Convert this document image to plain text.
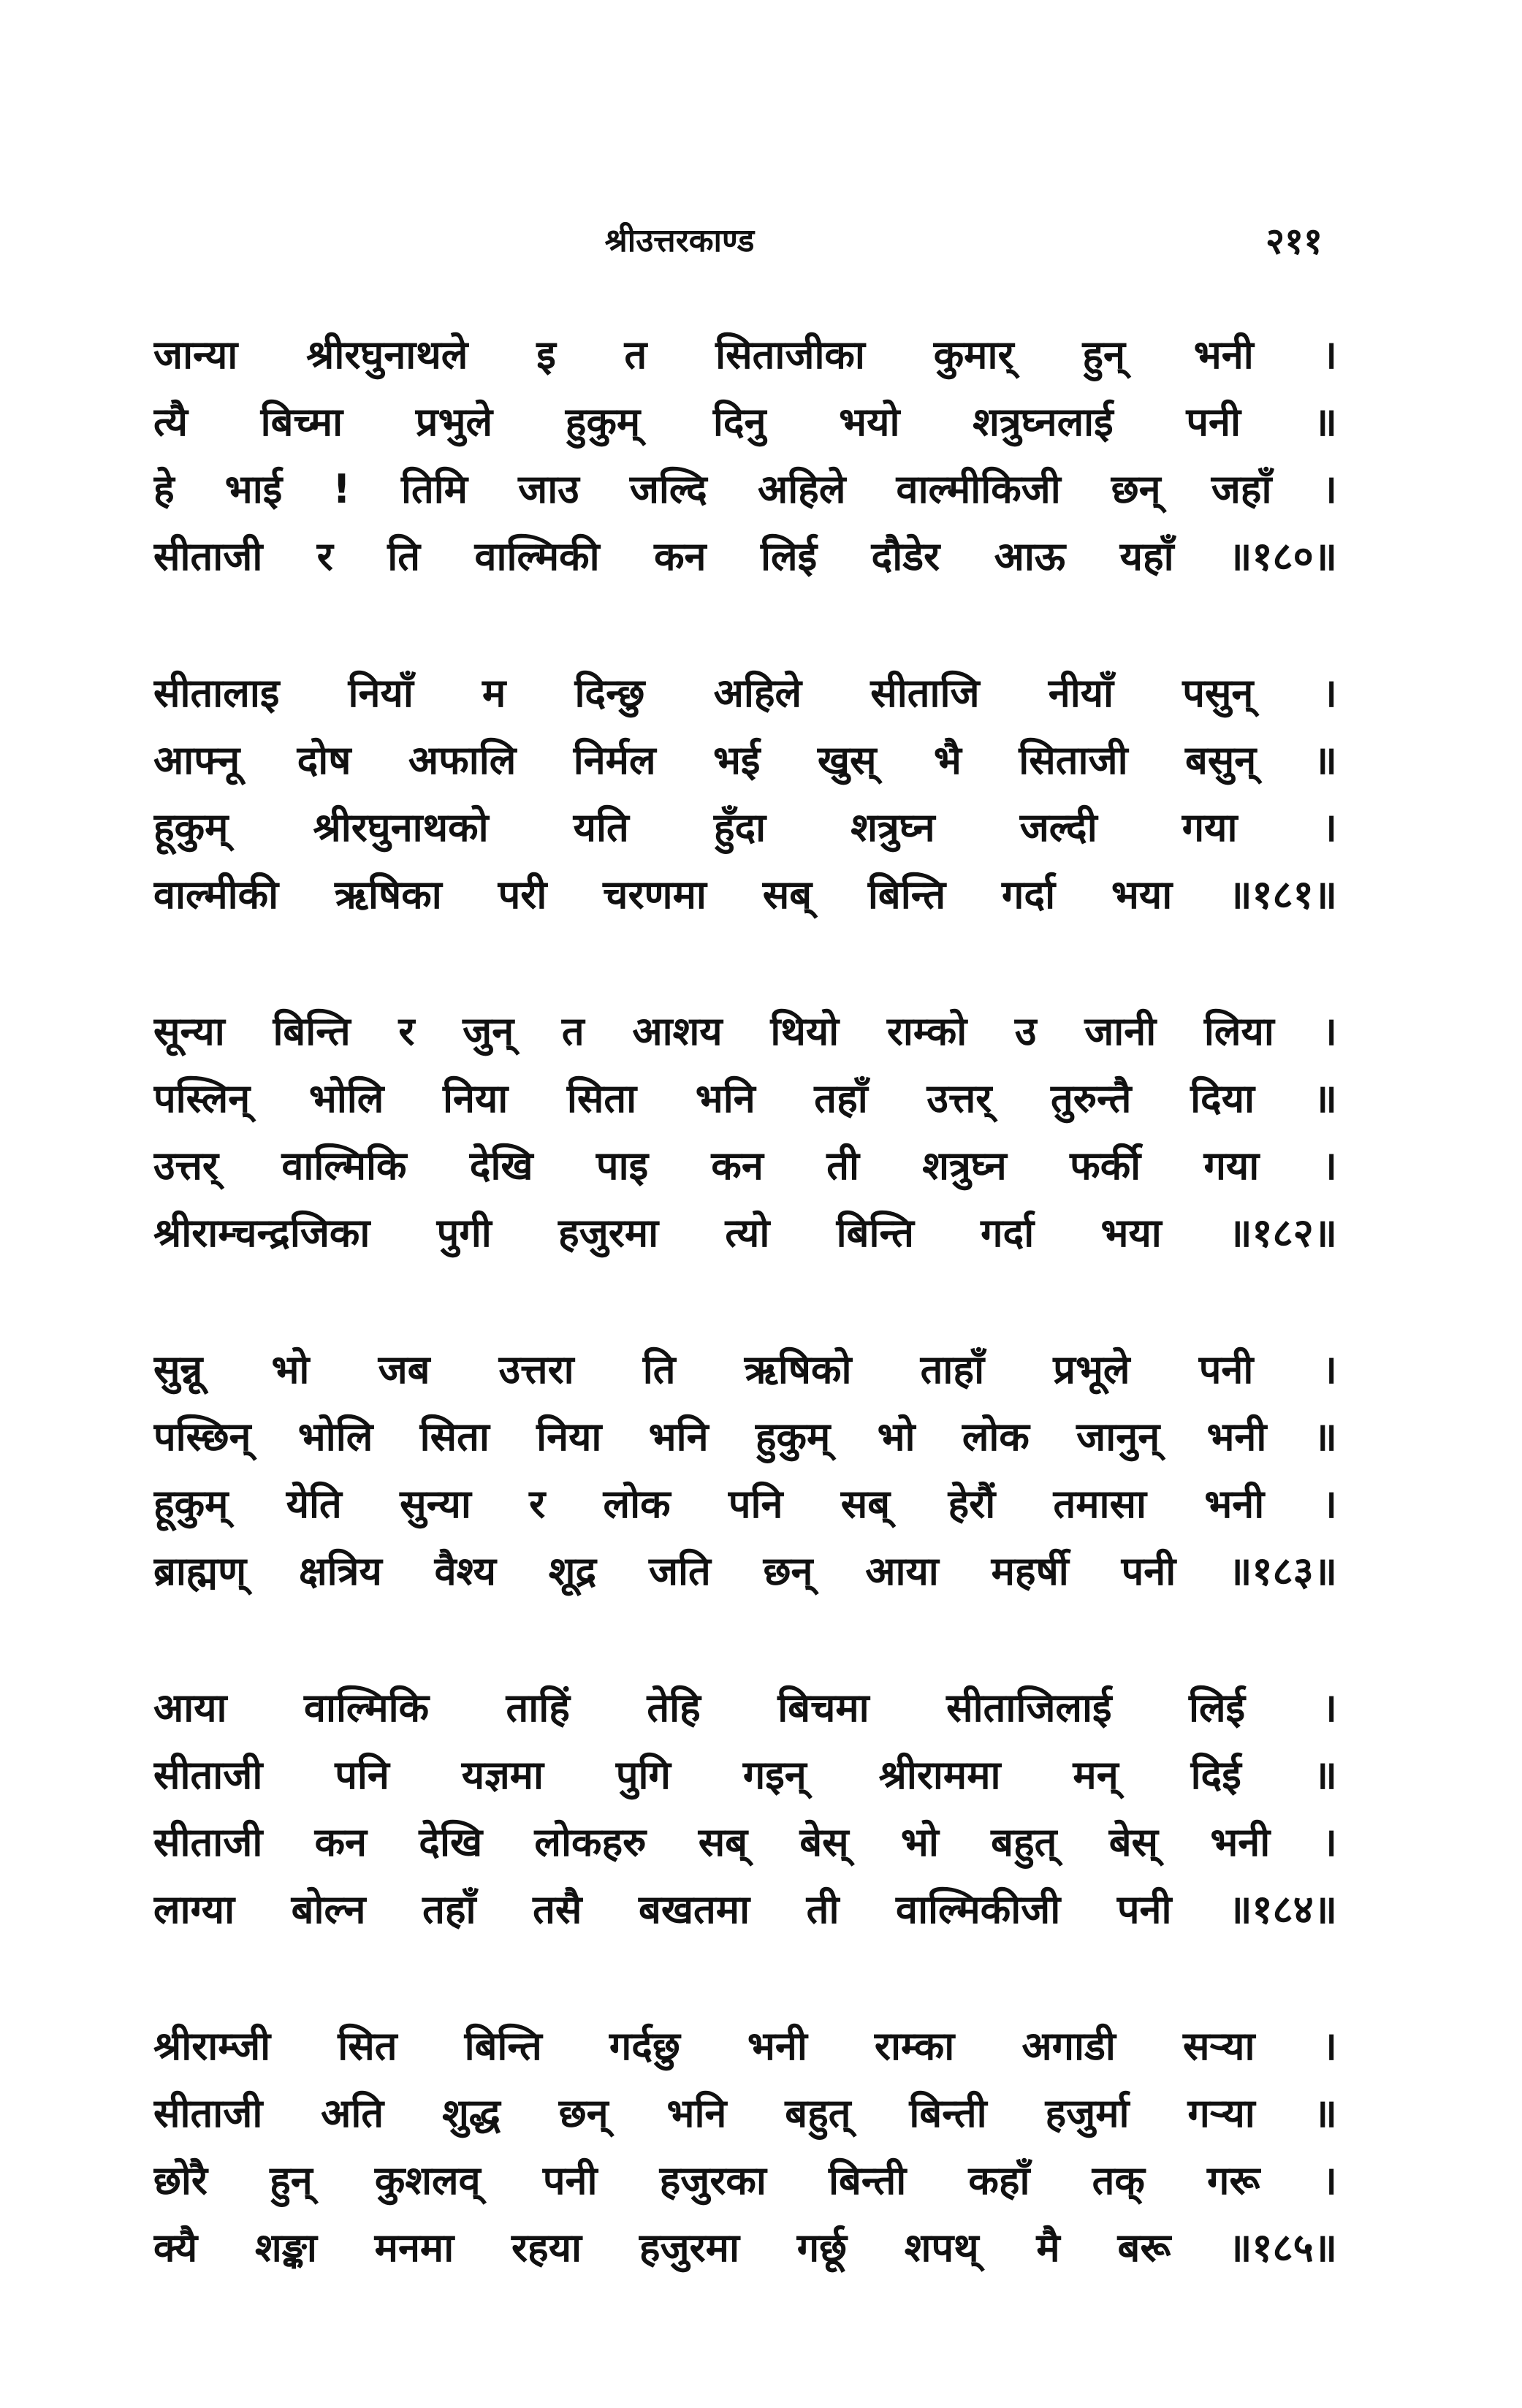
श्रीउत्तरकाण्ड	२११
जान्या श्रीरघुनाथले इ त सिताजीका कुमार् हुन् भनी ।
त्यै बिच्मा प्रभुले हुकुम् दिनु भयो शत्रुघ्नलाई पनी ॥
हे भाई ! तिमि जाउ जल्दि अहिले वाल्मीकिजी छन् जहाँ ।
सीताजी र ति वाल्मिकी कन लिई दौडेर आऊ यहाँ ॥१८०॥
सीतालाइ नियाँ म दिन्छु अहिले सीताजि नीयाँ पसुन् ।
आफ्नू दोष अफालि निर्मल भई खुस् भै सिताजी बसुन् ॥
हूकुम् श्रीरघुनाथको यति हुँदा शत्रुघ्न जल्दी गया ।
वाल्मीकी ऋषिका परी चरणमा सब् बिन्ति गर्दा भया ॥१८१॥
सून्या बिन्ति र जुन् त आशय थियो राम्को उ जानी लिया ।
पस्लिन् भोलि निया सिता भनि तहाँ उत्तर् तुरुन्तै दिया ॥
उत्तर् वाल्मिकि देखि पाइ कन ती शत्रुघ्न फर्की गया ।
श्रीराम्चन्द्रजिका पुगी हजुरमा त्यो बिन्ति गर्दा भया ॥१८२॥
सुन्नू भो जब उत्तरा ति ऋषिको ताहाँ प्रभूले पनी ।
पस्छिन् भोलि सिता निया भनि हुकुम् भो लोक जानुन् भनी ॥
हूकुम् येति सुन्या र लोक पनि सब् हेरौं तमासा भनी ।
ब्राह्मण् क्षत्रिय वैश्य शूद्र जति छन् आया महर्षी पनी ॥१८३॥
आया वाल्मिकि ताहिं तेहि बिचमा सीताजिलाई लिई ।
सीताजी पनि यज्ञमा पुगि गइन् श्रीराममा मन् दिई ॥
सीताजी कन देखि लोकहरु सब् बेस् भो बहुत् बेस् भनी ।
लाग्या बोल्न तहाँ तसै बखतमा ती वाल्मिकीजी पनी ॥१८४॥
श्रीराम्जी सित बिन्ति गर्दछु भनी राम्का अगाडी सऱ्या ।
सीताजी अति शुद्ध छन् भनि बहुत् बिन्ती हजुर्मा गऱ्या ॥
छोरै हुन् कुशलव् पनी हजुरका बिन्ती कहाँ तक् गरू ।
क्यै शङ्का मनमा रहया हजुरमा गर्छू शपथ् मै बरू ॥१८५॥
